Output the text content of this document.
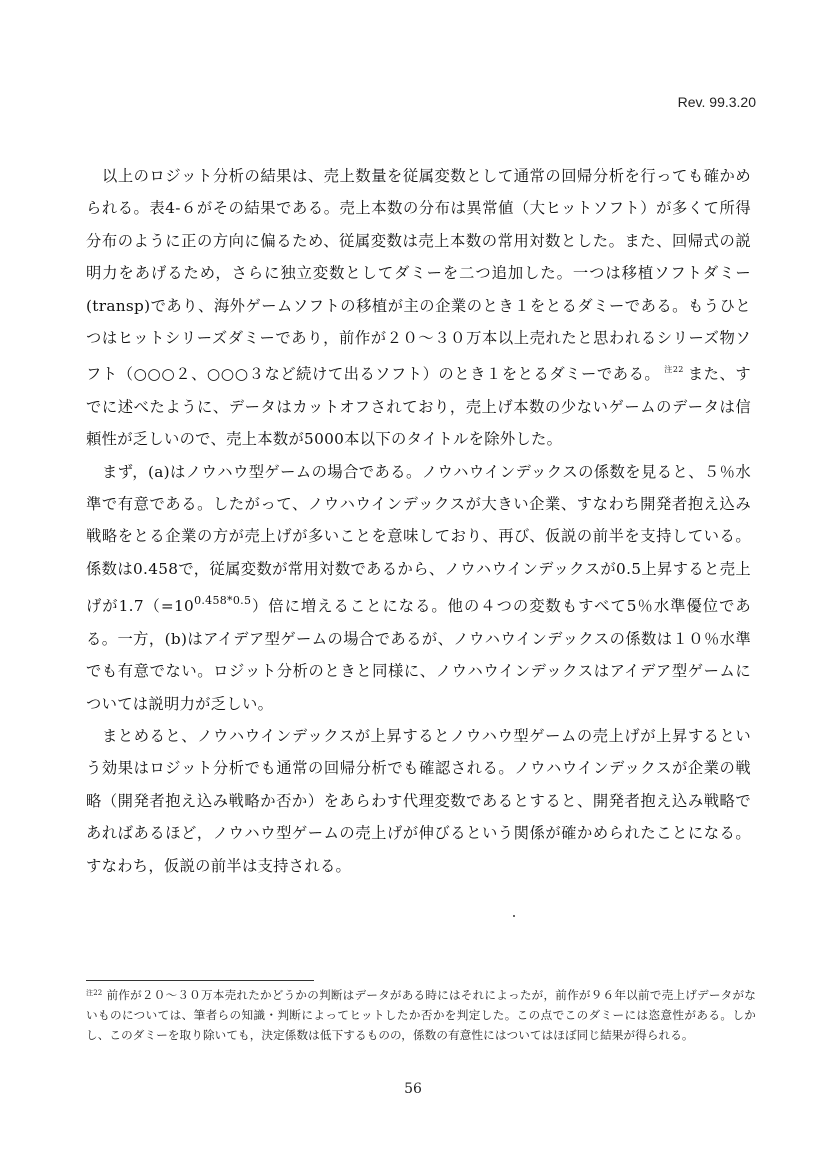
Rev. 99.3.20

以上のロジット分析の結果は、売上数量を従属変数として通常の回帰分析を行っても確かめられる。表4-６がその結果である。売上本数の分布は異常値（大ヒットソフト）が多くて所得分布のように正の方向に偏るため、従属変数は売上本数の常用対数とした。また、回帰式の説明力をあげるため，さらに独立変数としてダミーを二つ追加した。一つは移植ソフトダミー(transp)であり、海外ゲームソフトの移植が主の企業のとき１をとるダミーである。もうひとつはヒットシリーズダミーであり，前作が２０～３０万本以上売れたと思われるシリーズ物ソフト（○○○２、○○○３など続けて出るソフト）のとき１をとるダミーである。 $^{注22}$ また、すでに述べたように、データはカットオフされており，売上げ本数の少ないゲームのデータは信頼性が乏しいので、売上本数が5000本以下のタイトルを除外した。

まず，(a)はノウハウ型ゲームの場合である。ノウハウインデックスの係数を見ると、５％水準で有意である。したがって、ノウハウインデックスが大きい企業、すなわち開発者抱え込み戦略をとる企業の方が売上げが多いことを意味しており、再び、仮説の前半を支持している。係数は0.458で，従属変数が常用対数であるから、ノウハウインデックスが0.5上昇すると売上げが$1.7(=10^{0.458*0.5})$倍に増えることになる。他の４つの変数もすべて5％水準優位である。一方，(b)はアイデア型ゲームの場合であるが、ノウハウインデックスの係数は１０％水準でも有意でない。ロジット分析のときと同様に、ノウハウインデックスはアイデア型ゲームについては説明力が乏しい。

まとめると、ノウハウインデックスが上昇するとノウハウ型ゲームの売上げが上昇するという効果はロジット分析でも通常の回帰分析でも確認される。ノウハウインデックスが企業の戦略（開発者抱え込み戦略か否か）をあらわす代理変数であるとすると、開発者抱え込み戦略であればあるほど，ノウハウ型ゲームの売上げが伸びるという関係が確かめられたことになる。すなわち，仮説の前半は支持される。

$^{注22}$ 前作が２０～３０万本売れたかどうかの判断はデータがある時にはそれによったが，前作が９６年以前で売上げデータがないものについては、筆者らの知識・判断によってヒットしたか否かを判定した。この点でこのダミーには恣意性がある。しかし、このダミーを取り除いても，決定係数は低下するものの，係数の有意性にはついてはほぼ同じ結果が得られる。
56
